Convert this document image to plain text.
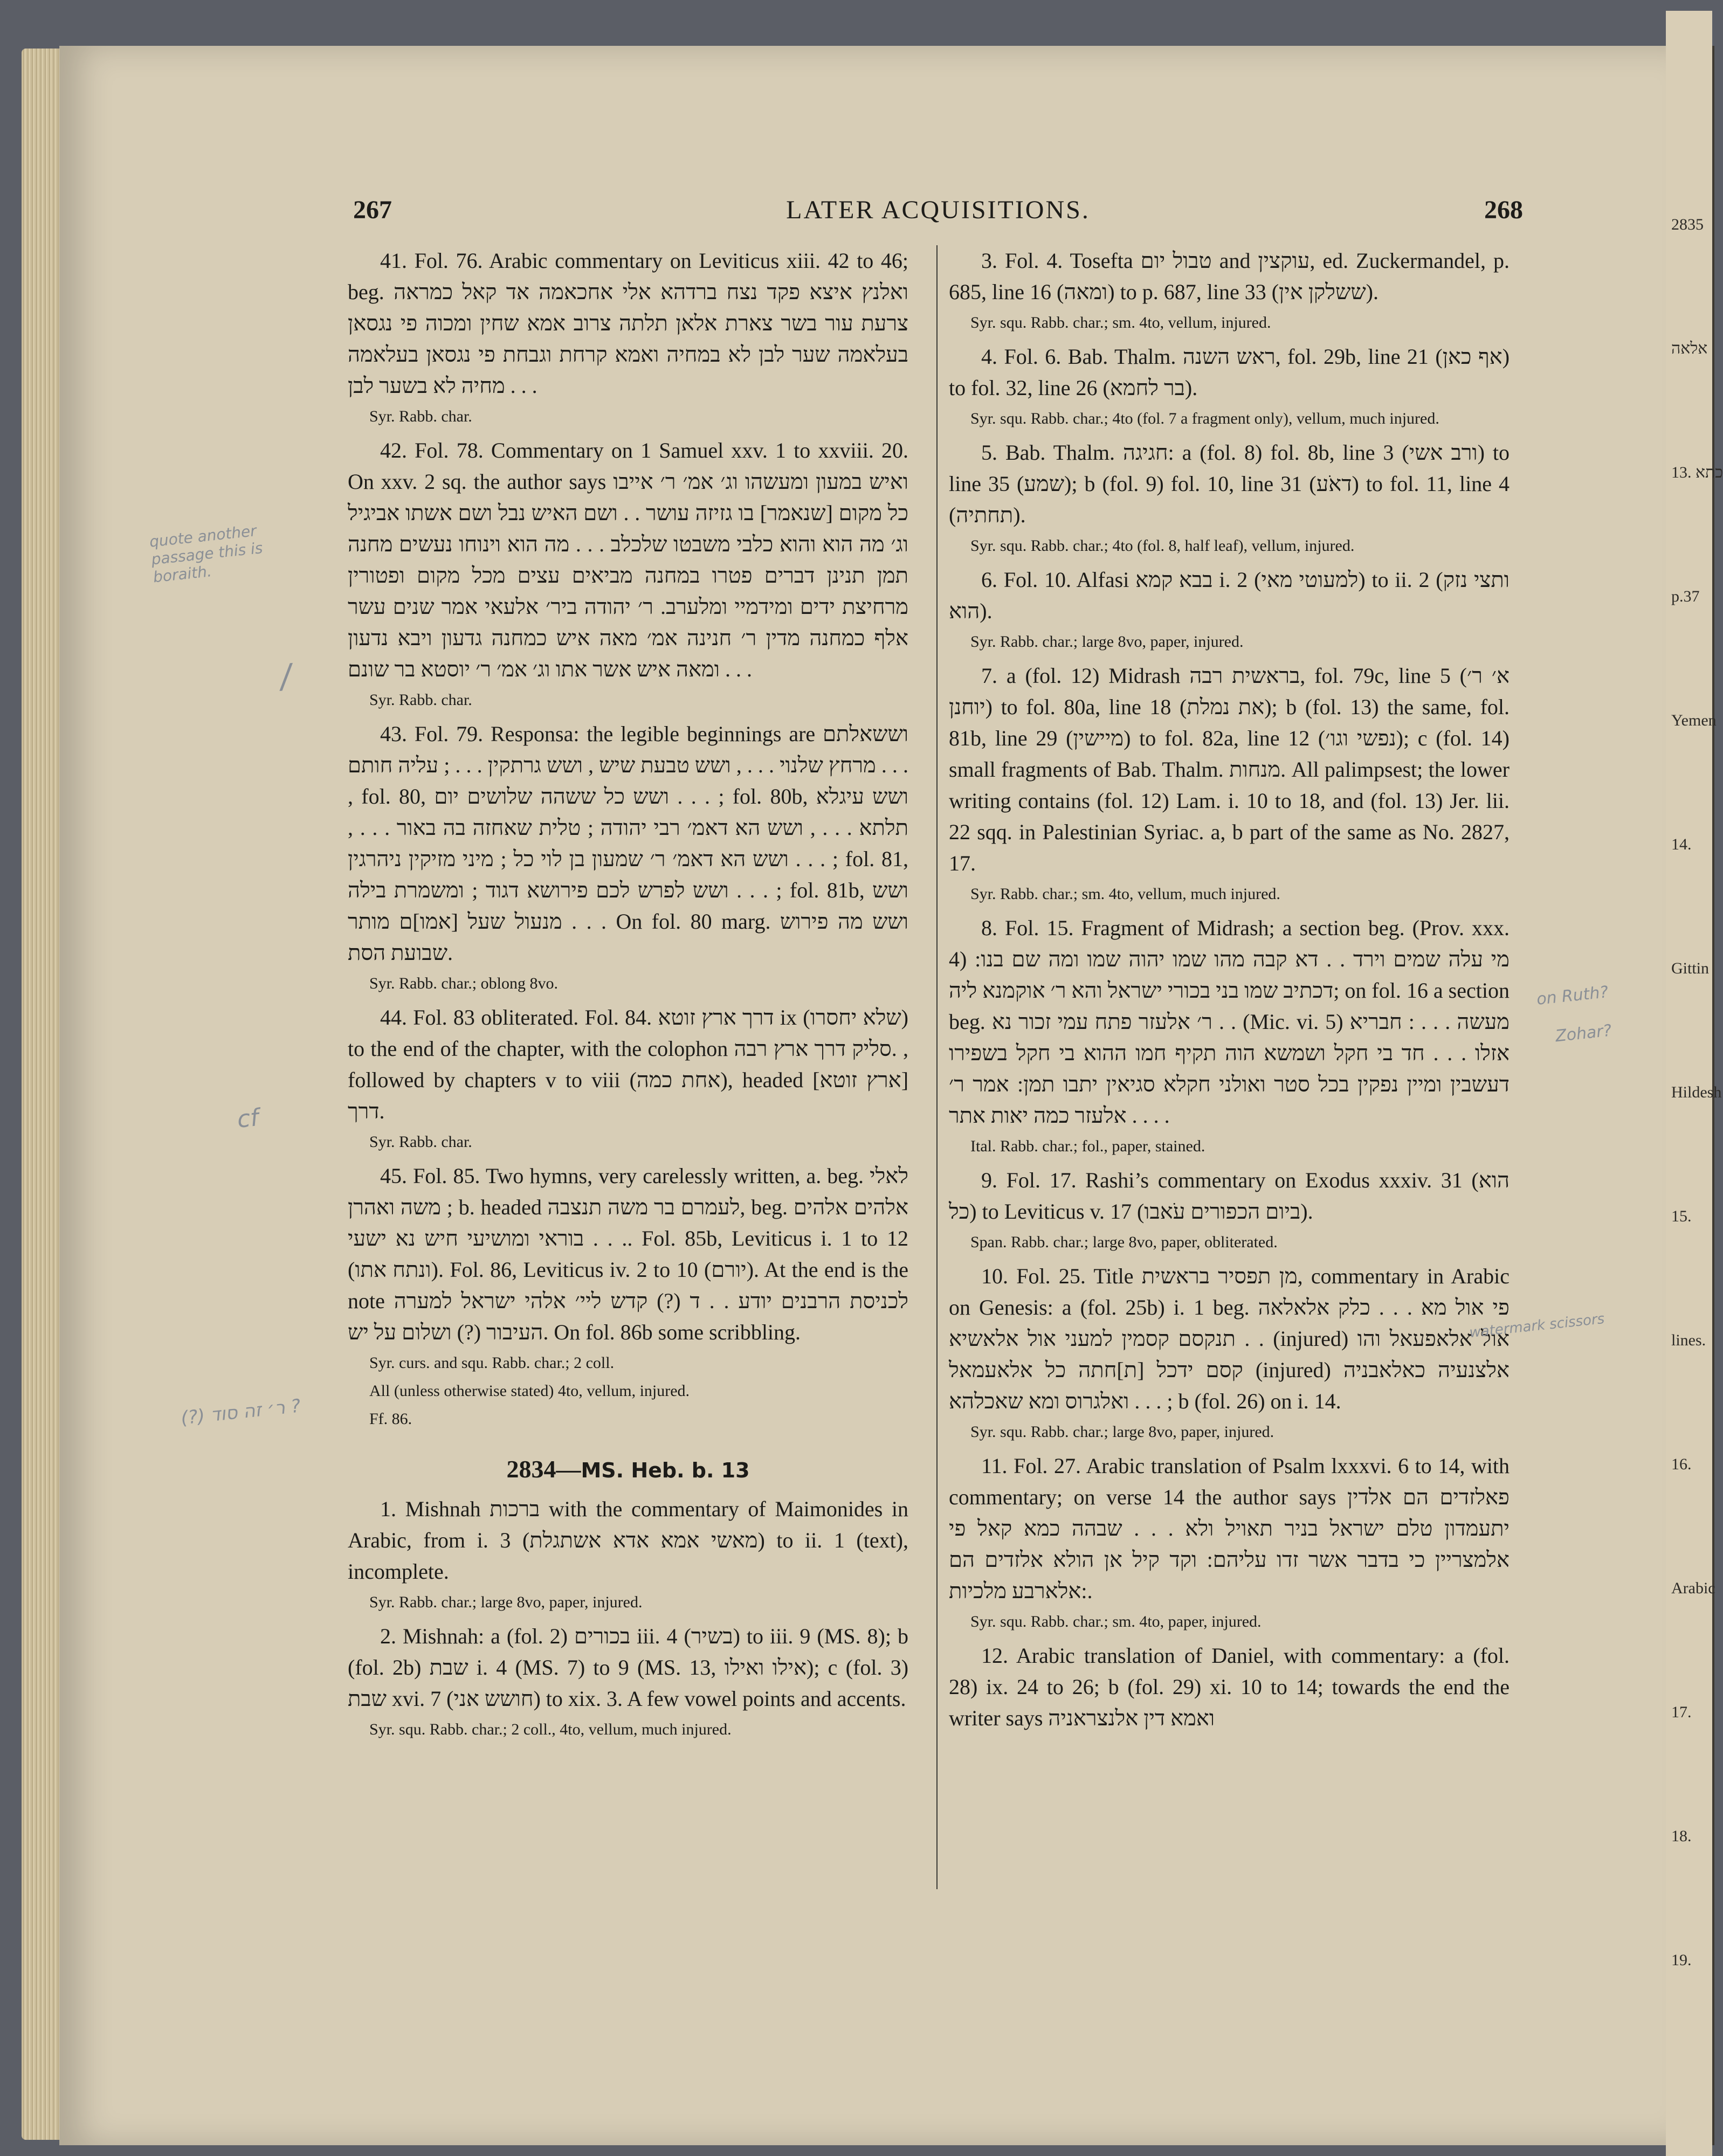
2835
אלאה
13. כתא
p.37
Yemen
14.
Gittin
Hildesh
15.
lines.
16.
Arabic
17.
18.
19.
267	LATER ACQUISITIONS.	268

41. Fol. 76. Arabic commentary on Leviticus xiii. 42 to 46; beg. ואלנץ איצא פקד נצח ברדהא אלי אחכאמה אד קאל כמראה צרעת עור בשר צארת אלאן תלתה צרוב אמא שחין ומכוה פי נגסאן בעלאמה שער לבן לא במחיה ואמא קרחת וגבחת פי נגסאן בעלאמה מחיה לא בשער לבן . . .

Syr. Rabb. char.

42. Fol. 78. Commentary on 1 Samuel xxv. 1 to xxviii. 20. On xxv. 2 sq. the author says ואיש במעון ומעשהו וג׳ אמ׳ ר׳ אייבו כל מקום [שנאמר] בו גזיזה עושר . . ושם האיש נבל ושם אשתו אביגיל וג׳ מה הוא והוא כלבי משבטו שלכלב . . . מה הוא וינוחו נעשים מחנה תמן תנינן דברים פטרו במחנה מביאים עצים מכל מקום ופטורין מרחיצת ידים ומידמיי ומלערב. ר׳ יהודה ביר׳ אלעאי אמר שנים עשר אלף כמחנה מדין ר׳ חנינה אמ׳ מאה איש כמחנה גדעון ויבא נדעון ומאה איש אשר אתו וג׳ אמ׳ ר׳ יוסטא בר שונם . . .

Syr. Rabb. char.

43. Fol. 79. Responsa: the legible beginnings are וששאלתם מרחץ שלנוי . . . , ושש טבעת שיש , ושש גרתקין . . . ; עליה חותם . . . , fol. 80, ושש כל ששהה שלושים יום . . . ; fol. 80b, ושש עיגלא תלתא . . . , ושש הא דאמ׳ רבי יהודה ; טלית שאחזה בה באור . . . , ושש הא דאמ׳ ר׳ שמעון בן לוי כל ; מיני מזיקין ניהרגין . . . ; fol. 81, ושש לפרש לכם פירושא דגוד ; ומשמרת בילה . . . ; fol. 81b, ושש מנעול שעל [אמו]ם מותר . . . On fol. 80 marg. ושש מה פירוש שבועת הסת.

Syr. Rabb. char.; oblong 8vo.

44. Fol. 83 obliterated. Fol. 84. דרך ארץ זוטא ix (שלא יחסרו) to the end of the chapter, with the colophon סליק דרך ארץ רבה. , followed by chapters v to viii (אחת כמה), headed [ארץ זוטא] דרך.

Syr. Rabb. char.

45. Fol. 85. Two hymns, very carelessly written, a. beg. לאלי משה ואהרן ; b. headed לעמרם בר משה תנצבה, beg. אלהים אלהים . . . בוראי ומושיעי חיש נא ישעי. Fol. 85b, Leviticus i. 1 to 12 (ונתח אתו). Fol. 86, Leviticus iv. 2 to 10 (יורם). At the end is the note לכניסת הרבנים יודע . . ד (?) קדש ליי׳ אלהי ישראל למערה העיבור (?) ושלום על יש. On fol. 86b some scribbling.

Syr. curs. and squ. Rabb. char.; 2 coll.
All (unless otherwise stated) 4to, vellum, injured.
Ff. 86.
2834—MS. Heb. b. 13

1. Mishnah ברכות with the commentary of Maimonides in Arabic, from i. 3 (מאשי אמא אדא אשתגלת) to ii. 1 (text), incomplete.

Syr. Rabb. char.; large 8vo, paper, injured.

2. Mishnah: a (fol. 2) בכורים iii. 4 (בשיר) to iii. 9 (MS. 8); b (fol. 2b) שבת i. 4 (MS. 7) to 9 (MS. 13, אילו ואילו); c (fol. 3) שבת xvi. 7 (חושש אני) to xix. 3. A few vowel points and accents.

Syr. squ. Rabb. char.; 2 coll., 4to, vellum, much injured.

3. Fol. 4. Tosefta טבול יום and עוקצין, ed. Zuckermandel, p. 685, line 16 (ומאה) to p. 687, line 33 (ששלקן אין).

Syr. squ. Rabb. char.; sm. 4to, vellum, injured.

4. Fol. 6. Bab. Thalm. ראש השנה, fol. 29b, line 21 (אף כאן) to fol. 32, line 26 (בר לחמא).

Syr. squ. Rabb. char.; 4to (fol. 7 a fragment only), vellum, much injured.

5. Bab. Thalm. חגיגה: a (fol. 8) fol. 8b, line 3 (ורב אשי) to line 35 (שמע); b (fol. 9) fol. 10, line 31 (דאֹע) to fol. 11, line 4 (תחתיה).

Syr. squ. Rabb. char.; 4to (fol. 8, half leaf), vellum, injured.

6. Fol. 10. Alfasi בבא קמא i. 2 (למעוטי מאי) to ii. 2 (ותצי נזק הוא).

Syr. Rabb. char.; large 8vo, paper, injured.

7. a (fol. 12) Midrash בראשית רבה, fol. 79c, line 5 (א׳ ר׳ יוחנן) to fol. 80a, line 18 (את נמלת); b (fol. 13) the same, fol. 81b, line 29 (מיישין) to fol. 82a, line 12 (נפשי וגו׳); c (fol. 14) small fragments of Bab. Thalm. מנחות. All palimpsest; the lower writing contains (fol. 12) Lam. i. 10 to 18, and (fol. 13) Jer. lii. 22 sqq. in Palestinian Syriac. a, b part of the same as No. 2827, 17.

Syr. Rabb. char.; sm. 4to, vellum, much injured.

8. Fol. 15. Fragment of Midrash; a section beg. (Prov. xxx. 4) מי עלה שמים וירד . . דא קבה מהו שמו יהוה שמו ומה שם בנו: דכתיב שמו בני בכורי ישראל והא ר׳ אוקמנא ליה; on fol. 16 a section beg. ר׳ אלעזר פתח עמי זכור נא . . (Mic. vi. 5) מעשה . . . : חבריא אזלו . . . חד בי חקל ושמשא הוה תקיף חמו ההוא בי חקל בשפירו דעשבין ומיין נפקין בכל סטר ואולני חקלא סגיאין יתבו תמן: אמר ר׳ אלעזר כמה יאות אתר . . . .

Ital. Rabb. char.; fol., paper, stained.

9. Fol. 17. Rashi’s commentary on Exodus xxxiv. 31 (הוא כל) to Leviticus v. 17 (ביום הכפורים עֹאבו).

Span. Rabb. char.; large 8vo, paper, obliterated.

10. Fol. 25. Title מן תפסיר בראשית, commentary in Arabic on Genesis: a (fol. 25b) i. 1 beg. פי אול מא . . . כלק אלאלאה תנקסם קסמין למעני אול אלאשיא . . (injured) אול אלאפעאל והו קסם ידכל [ת]חתה כל אלאעמאל (injured) אלצנעיה כאלאבניה ואלגרוס ומא שאכלהא . . . ; b (fol. 26) on i. 14.

Syr. squ. Rabb. char.; large 8vo, paper, injured.

11. Fol. 27. Arabic translation of Psalm lxxxvi. 6 to 14, with commentary; on verse 14 the author says פאלזדים הם אלדין יתעמדון טלם ישראל בניר תאויל ולא . . . שבהה כמא קאל פי אלמצריין כי בדבר אשר זדו עליהם: וקד קיל אן הולא אלזדים הם אלארבע מלכיות:.

Syr. squ. Rabb. char.; sm. 4to, paper, injured.

12. Arabic translation of Daniel, with commentary: a (fol. 28) ix. 24 to 26; b (fol. 29) xi. 10 to 14; towards the end the writer says ואמא דין אלנצראניה

quote another passage this is boraith.
/
cf
(?) ר׳ זה סוד ?
on Ruth?
Zohar?
watermark scissors
